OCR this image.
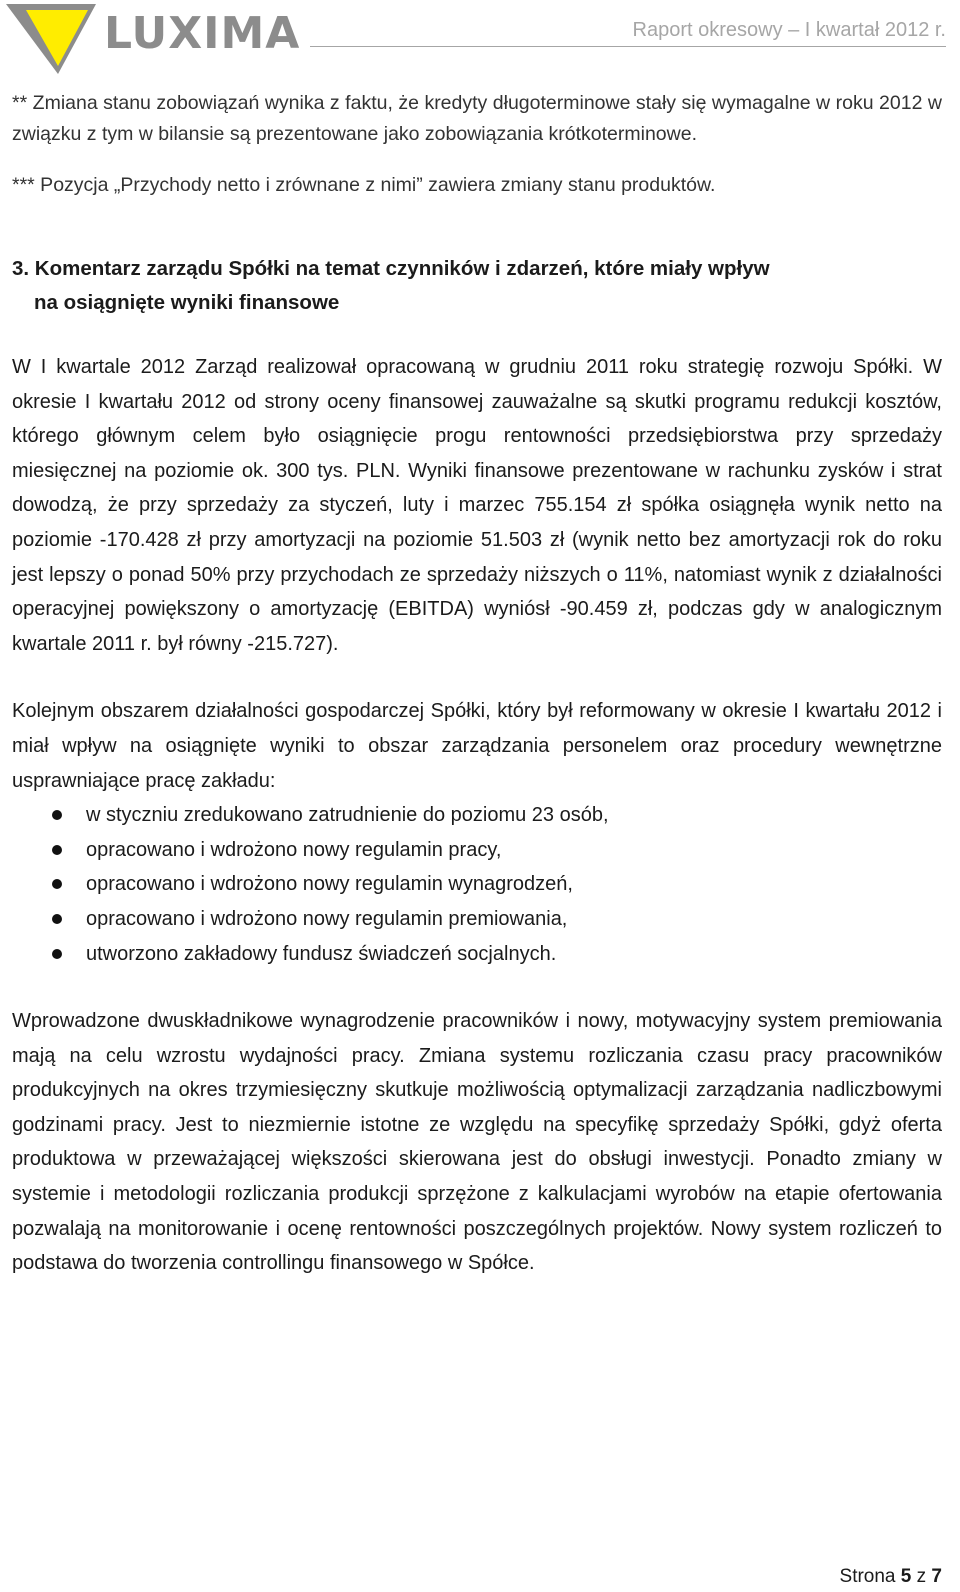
LUXIMA	Raport okresowy – I kwartał 2012 r.

** Zmiana stanu zobowiązań wynika z faktu, że kredyty długoterminowe stały się wymagalne w roku 2012 w związku z tym w bilansie są prezentowane jako zobowiązania krótkoterminowe.

*** Pozycja „Przychody netto i zrównane z nimi” zawiera zmiany stanu produktów.

3. Komentarz zarządu Spółki na temat czynników i zdarzeń, które miały wpływ
na osiągnięte wyniki finansowe

W I kwartale 2012 Zarząd realizował opracowaną w grudniu 2011 roku strategię rozwoju Spółki. W okresie I kwartału 2012 od strony oceny finansowej zauważalne są skutki programu redukcji kosztów, którego głównym celem było osiągnięcie progu rentowności przedsiębiorstwa przy sprzedaży miesięcznej na poziomie ok. 300 tys. PLN. Wyniki finansowe prezentowane w rachunku zysków i strat dowodzą, że przy sprzedaży za styczeń, luty i marzec 755.154 zł spółka osiągnęła wynik netto na poziomie -170.428 zł przy amortyzacji na poziomie 51.503 zł (wynik netto bez amortyzacji rok do roku jest lepszy o ponad 50% przy przychodach ze sprzedaży niższych o 11%, natomiast wynik z działalności operacyjnej powiększony o amortyzację (EBITDA) wyniósł -90.459 zł, podczas gdy w analogicznym kwartale 2011 r. był równy -215.727).

Kolejnym obszarem działalności gospodarczej Spółki, który był reformowany w okresie I kwartału 2012 i miał wpływ na osiągnięte wyniki to obszar zarządzania personelem oraz procedury wewnętrzne usprawniające pracę zakładu:

w styczniu zredukowano zatrudnienie do poziomu 23 osób,
opracowano i wdrożono nowy regulamin pracy,
opracowano i wdrożono nowy regulamin wynagrodzeń,
opracowano i wdrożono nowy regulamin premiowania,
utworzono zakładowy fundusz świadczeń socjalnych.

Wprowadzone dwuskładnikowe wynagrodzenie pracowników i nowy, motywacyjny system premiowania mają na celu wzrostu wydajności pracy. Zmiana systemu rozliczania czasu pracy pracowników produkcyjnych na okres trzymiesięczny skutkuje możliwością optymalizacji zarządzania nadliczbowymi godzinami pracy. Jest to niezmiernie istotne ze względu na specyfikę sprzedaży Spółki, gdyż oferta produktowa w przeważającej większości skierowana jest do obsługi inwestycji. Ponadto zmiany w systemie i metodologii rozliczania produkcji sprzężone z kalkulacjami wyrobów na etapie ofertowania pozwalają na monitorowanie i ocenę rentowności poszczególnych projektów. Nowy system rozliczeń to podstawa do tworzenia controllingu finansowego w Spółce.

Strona 5 z 7
